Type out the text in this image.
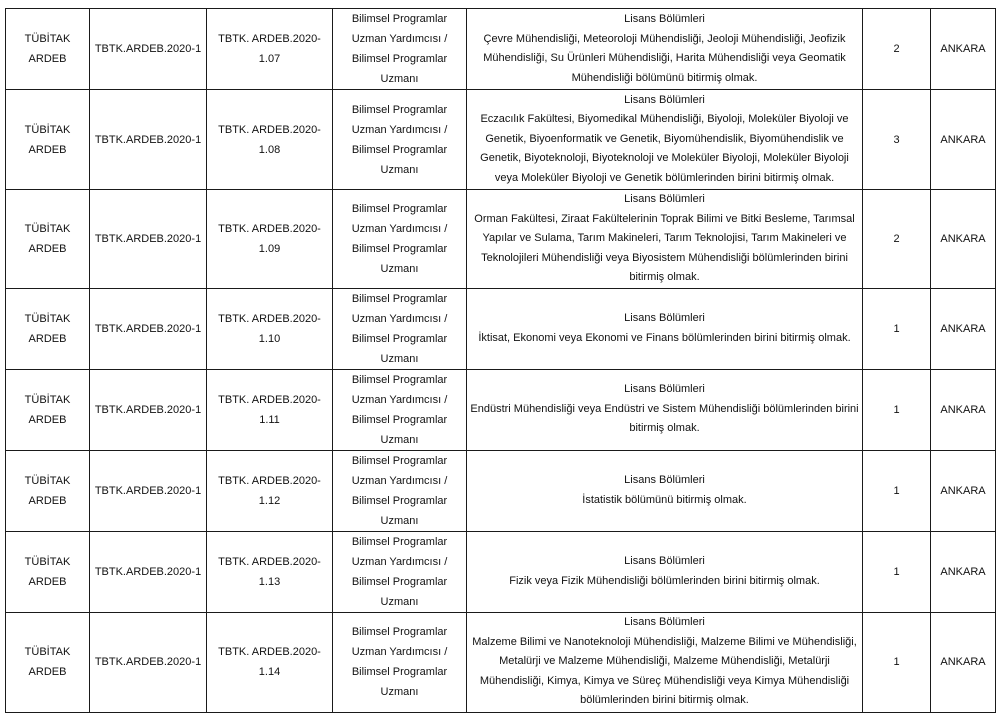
TÜBİTAK ARDEB	TBTK.ARDEB.2020-1	TBTK. ARDEB.2020-1.07	Bilimsel Programlar Uzman Yardımcısı / Bilimsel Programlar Uzmanı	Lisans Bölümleri
Çevre Mühendisliği, Meteoroloji Mühendisliği, Jeoloji Mühendisliği, Jeofizik Mühendisliği, Su Ürünleri Mühendisliği, Harita Mühendisliği veya Geomatik Mühendisliği bölümünü bitirmiş olmak.	2	ANKARA
TÜBİTAK ARDEB	TBTK.ARDEB.2020-1	TBTK. ARDEB.2020-1.08	Bilimsel Programlar Uzman Yardımcısı / Bilimsel Programlar Uzmanı	Lisans Bölümleri
Eczacılık Fakültesi, Biyomedikal Mühendisliği, Biyoloji, Moleküler Biyoloji ve Genetik, Biyoenformatik ve Genetik, Biyomühendislik, Biyomühendislik ve Genetik, Biyoteknoloji, Biyoteknoloji ve Moleküler Biyoloji, Moleküler Biyoloji veya Moleküler Biyoloji ve Genetik bölümlerinden birini bitirmiş olmak.	3	ANKARA
TÜBİTAK ARDEB	TBTK.ARDEB.2020-1	TBTK. ARDEB.2020-1.09	Bilimsel Programlar Uzman Yardımcısı / Bilimsel Programlar Uzmanı	Lisans Bölümleri
Orman Fakültesi, Ziraat Fakültelerinin Toprak Bilimi ve Bitki Besleme, Tarımsal Yapılar ve Sulama, Tarım Makineleri, Tarım Teknolojisi, Tarım Makineleri ve Teknolojileri Mühendisliği veya Biyosistem Mühendisliği bölümlerinden birini bitirmiş olmak.	2	ANKARA
TÜBİTAK ARDEB	TBTK.ARDEB.2020-1	TBTK. ARDEB.2020-1.10	Bilimsel Programlar Uzman Yardımcısı / Bilimsel Programlar Uzmanı	Lisans Bölümleri
İktisat, Ekonomi veya Ekonomi ve Finans bölümlerinden birini bitirmiş olmak.	1	ANKARA
TÜBİTAK ARDEB	TBTK.ARDEB.2020-1	TBTK. ARDEB.2020-1.11	Bilimsel Programlar Uzman Yardımcısı / Bilimsel Programlar Uzmanı	Lisans Bölümleri
Endüstri Mühendisliği veya Endüstri ve Sistem Mühendisliği bölümlerinden birini bitirmiş olmak.	1	ANKARA
TÜBİTAK ARDEB	TBTK.ARDEB.2020-1	TBTK. ARDEB.2020-1.12	Bilimsel Programlar Uzman Yardımcısı / Bilimsel Programlar Uzmanı	Lisans Bölümleri
İstatistik bölümünü bitirmiş olmak.	1	ANKARA
TÜBİTAK ARDEB	TBTK.ARDEB.2020-1	TBTK. ARDEB.2020-1.13	Bilimsel Programlar Uzman Yardımcısı / Bilimsel Programlar Uzmanı	Lisans Bölümleri
Fizik veya Fizik Mühendisliği bölümlerinden birini bitirmiş olmak.	1	ANKARA
TÜBİTAK ARDEB	TBTK.ARDEB.2020-1	TBTK. ARDEB.2020-1.14	Bilimsel Programlar Uzman Yardımcısı / Bilimsel Programlar Uzmanı	Lisans Bölümleri
Malzeme Bilimi ve Nanoteknoloji Mühendisliği, Malzeme Bilimi ve Mühendisliği, Metalürji ve Malzeme Mühendisliği, Malzeme Mühendisliği, Metalürji Mühendisliği, Kimya, Kimya ve Süreç Mühendisliği veya Kimya Mühendisliği bölümlerinden birini bitirmiş olmak.	1	ANKARA
